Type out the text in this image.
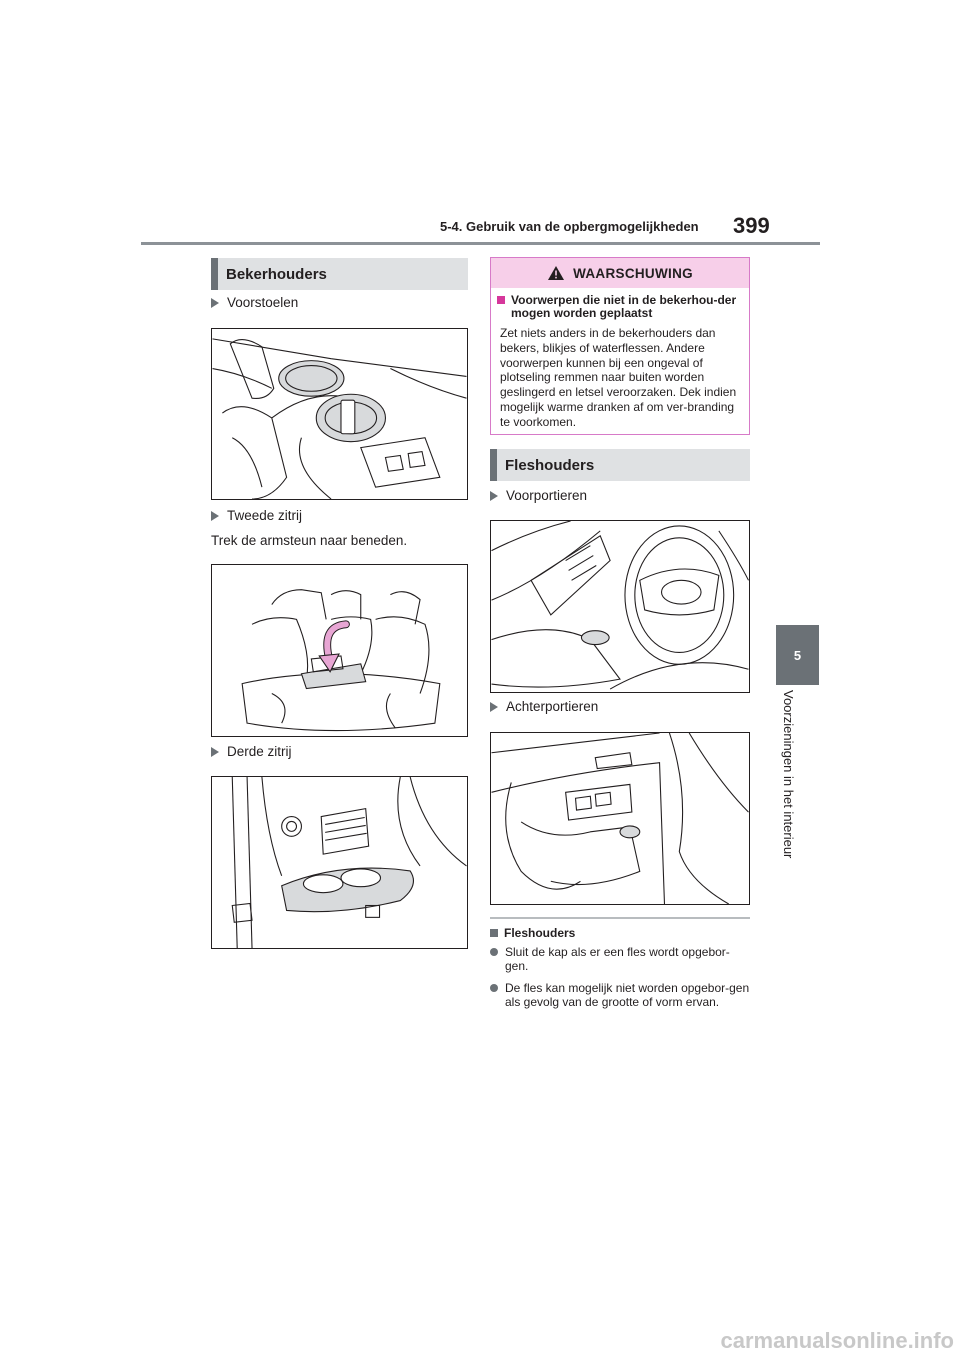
5-4. Gebruik van de opbergmogelijkheden 399
5
Voorzieningen in het interieur
Bekerhouders
Voorstoelen
Tweede zitrij
Trek de armsteun naar beneden.
Derde zitrij
WAARSCHUWING
Voorwerpen die niet in de bekerhou-der mogen worden geplaatst
Zet niets anders in de bekerhouders dan bekers, blikjes of waterflessen. Andere voorwerpen kunnen bij een ongeval of plotseling remmen naar buiten worden geslingerd en letsel veroorzaken. Dek indien mogelijk warme dranken af om ver-branding te voorkomen.
Fleshouders
Voorportieren
Achterportieren
Fleshouders
Sluit de kap als er een fles wordt opgebor-gen.
De fles kan mogelijk niet worden opgebor-gen als gevolg van de grootte of vorm ervan.
carmanualsonline.info
